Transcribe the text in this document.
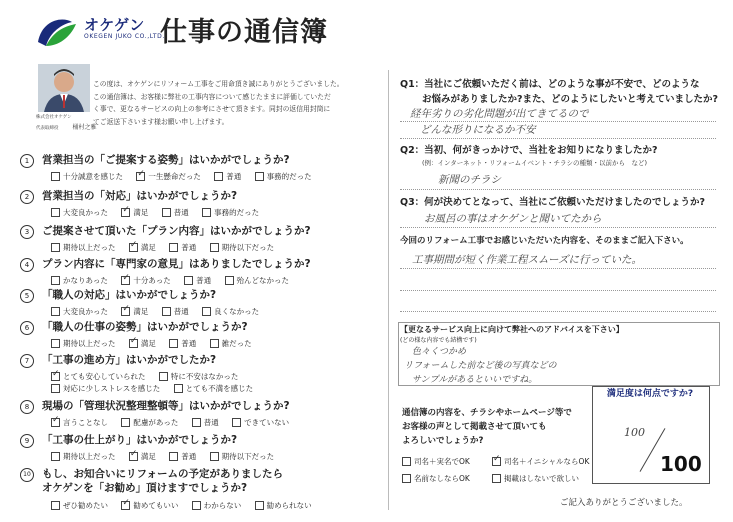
オケゲン
OKEGEN JUKO CO.,LTD.
仕事の通信簿
株式会社オケゲン
代表取締役 桶村之雅
この度は、オケゲンにリフォーム工事をご用命頂き誠にありがとうございました。
この通信簿は、お客様に弊社の工事内容について感じたままに評価していただ
く事で、更なるサービスの向上の参考にさせて頂きます。同封の返信用封筒に
てご返送下さいます様お願い申し上げます。
1	営業担当の「ご提案する姿勢」はいかがでしょうか?
十分誠意を感じた
✓	一生懸命だった
	普通
	事務的だった
2	営業担当の「対応」はいかがでしょうか?
大変良かった
✓	満足
	普通
	事務的だった
3	ご提案させて頂いた「プラン内容」はいかがでしょうか?
期待以上だった
✓	満足
	普通
	期待以下だった
4	プラン内容に「専門家の意見」はありましたでしょうか?
かなりあった
✓	十分あった
	普通
	殆んどなかった
5	「職人の対応」はいかがでしょうか?
大変良かった
✓	満足
	普通
	良くなかった
6	「職人の仕事の姿勢」はいかがでしょうか?
期待以上だった
✓	満足
	普通
	雑だった
7	「工事の進め方」はいかがでしたか?
✓
とても安心していられた
	特に不安はなかった
対応に少しストレスを感じた
	とても不満を感じた
8	現場の「管理状況整理整頓等」はいかがでしょうか?
✓
言うことなし
	配慮があった
	普通
	できていない
9	「工事の仕上がり」はいかがでしょうか?
期待以上だった
✓	満足
	普通
	期待以下だった
10	もし、お知合いにリフォームの予定がありましたら
オケゲンを「お勧め」頂けますでしょうか?
ぜひ勧めたい
✓	勧めてもいい
	わからない
	勧められない
Q1：当社にご依頼いただく前は、どのような事が不安で、どのような
お悩みがありましたか?また、どのようにしたいと考えていましたか?
経年劣りの劣化問題が出てきてるので
どんな形りになるか不安
Q2：当初、何がきっかけで、当社をお知りになりましたか?
(例：インターネット・リフォームイベント・チラシの種類・以前から　など)
新聞のチラシ
Q3：何が決めてとなって、当社にご依頼いただけましたのでしょうか?
お風呂の事はオケゲンと聞いてたから
今回のリフォーム工事でお感じいただいた内容を、そのままご記入下さい。
工事期間が短く作業工程スムーズに行っていた。
【更なるサービス向上に向けて弊社へのアドバイスを下さい】
(どの様な内容でも結構です)
色々くつかめ
リフォームした前など後の写真などの
サンプルがあるといいですね。
通信簿の内容を、チラシやホームページ等で
お客様の声として掲載させて頂いても
よろしいでしょうか?
司名＋実名でOK ✓	司名＋イニシャルならOK
名前なしならOK	掲載はしないで欲しい
満足度は何点ですか?
100
100
ご記入ありがとうございました。
